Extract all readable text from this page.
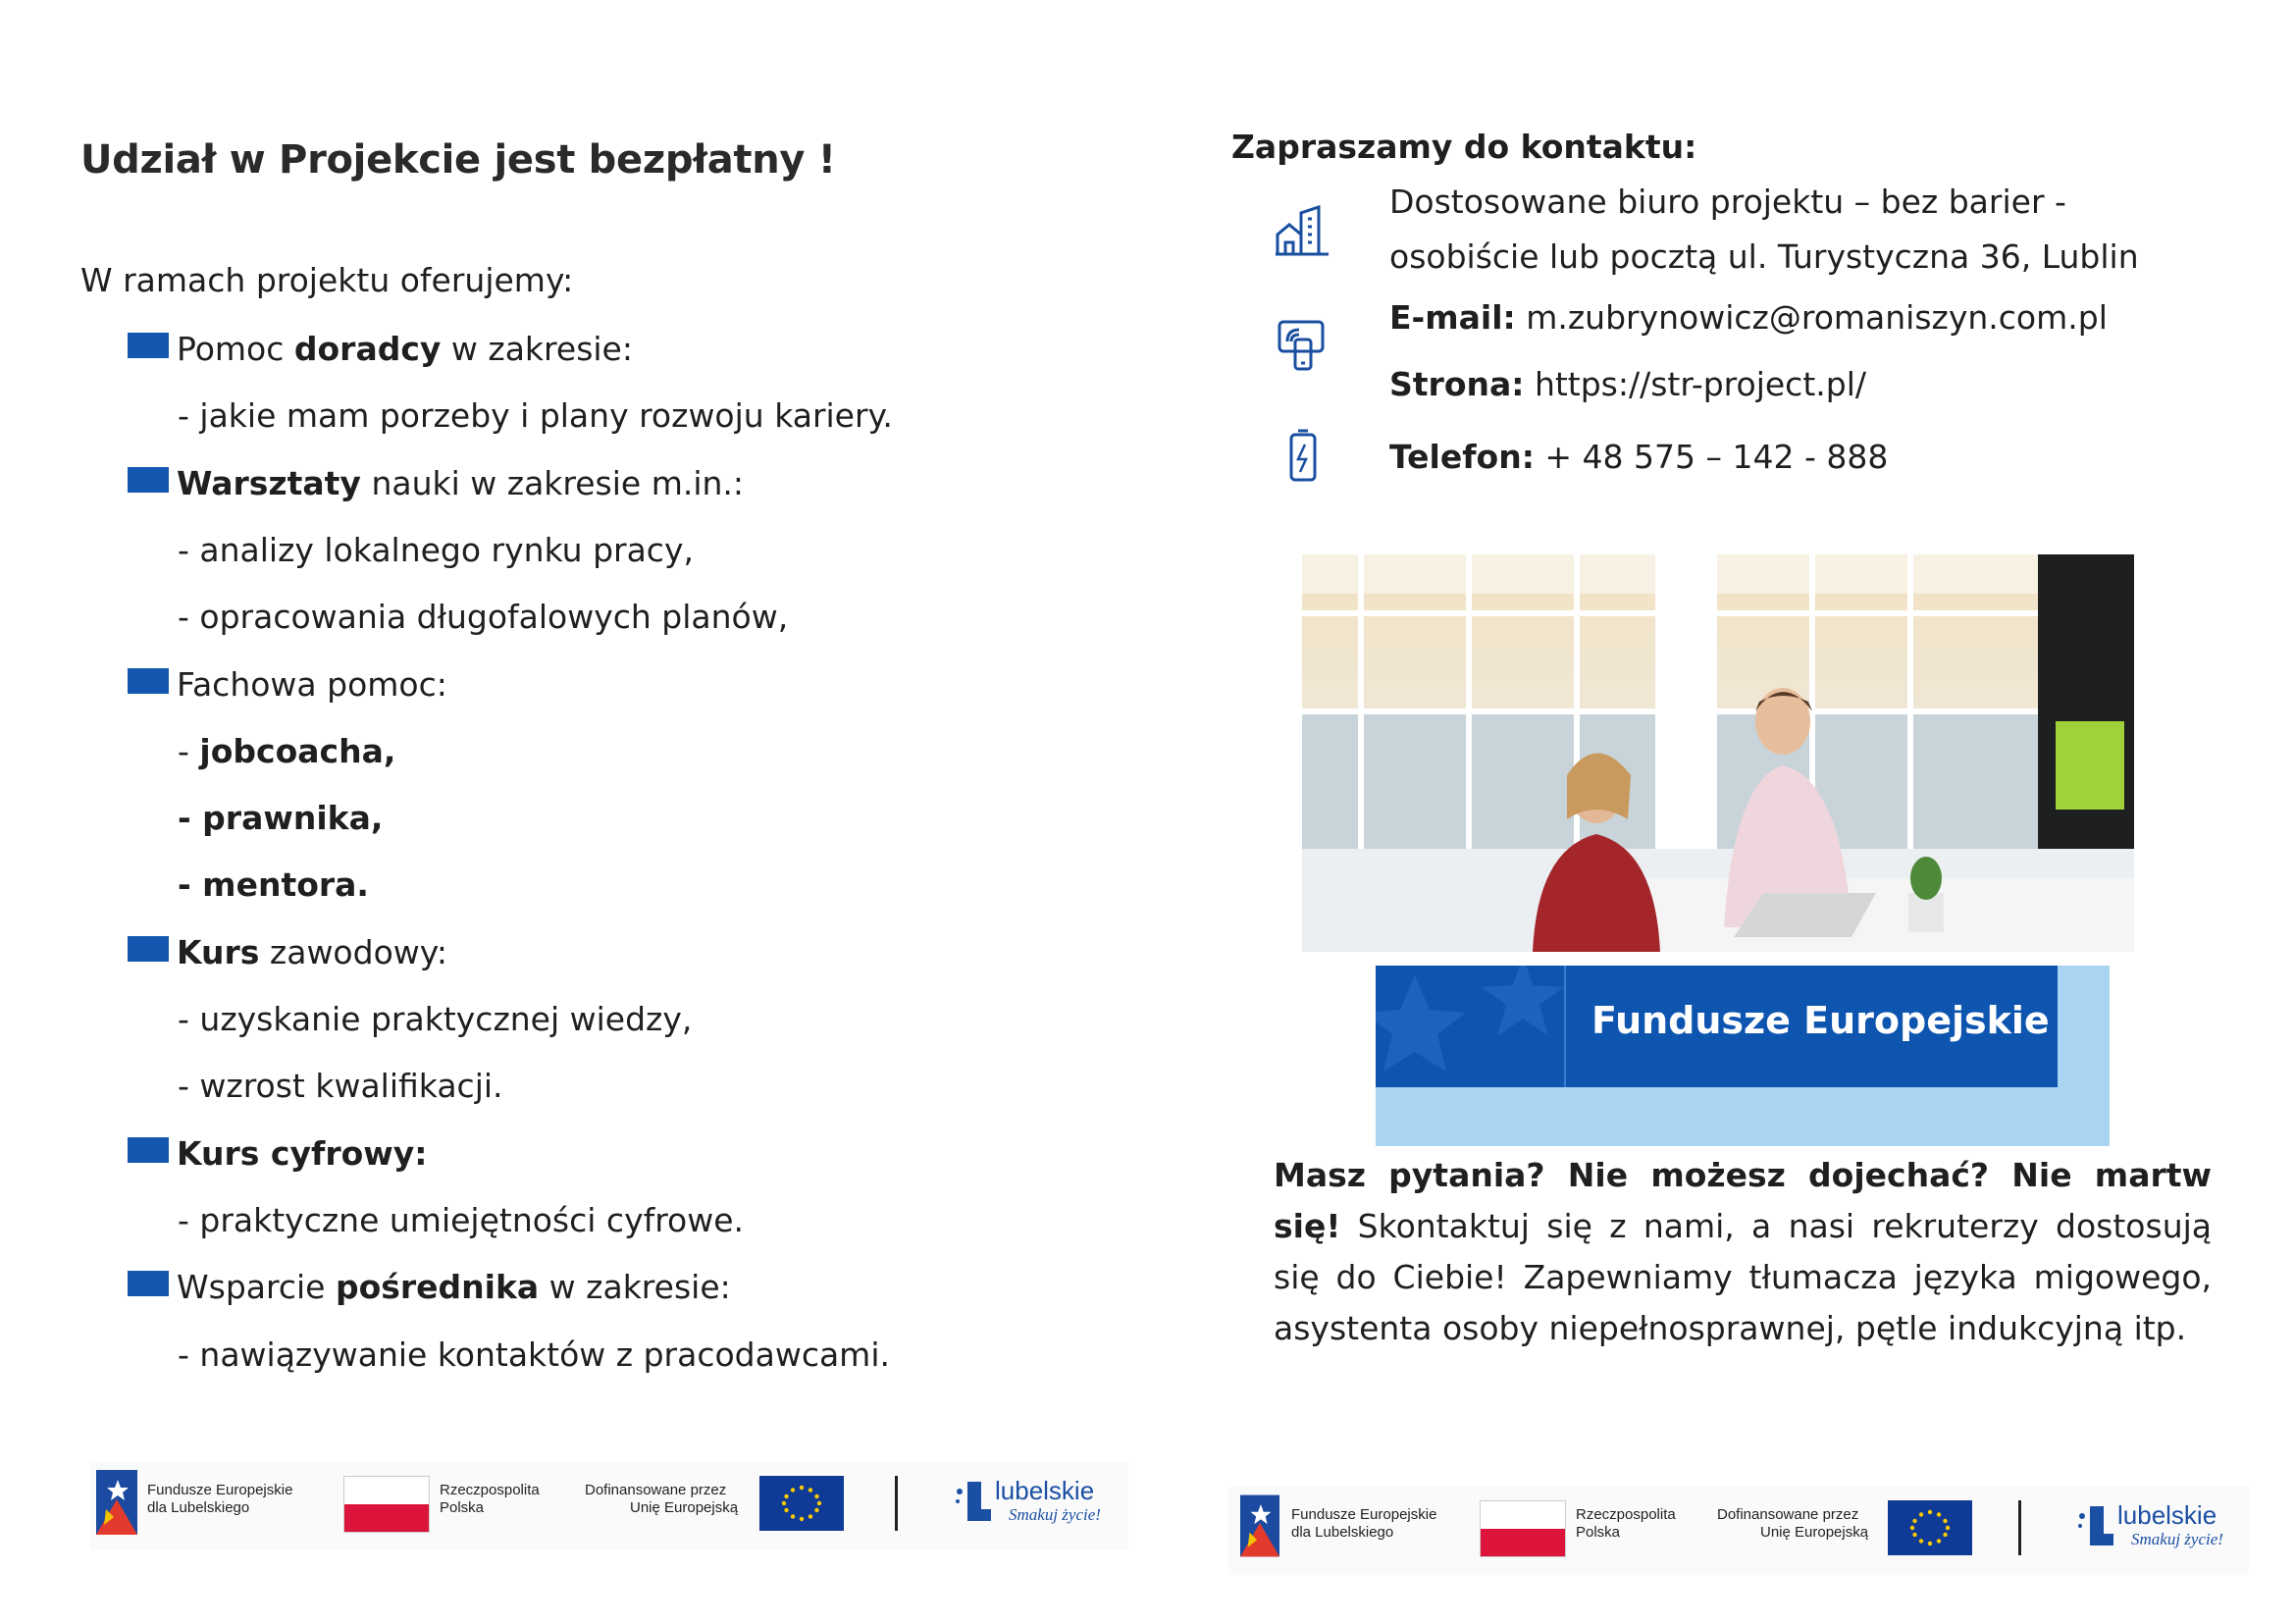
Udział w Projekcie jest bezpłatny !
W ramach projektu oferujemy:
Pomoc doradcy w zakresie:
- jakie mam porzeby i plany rozwoju kariery.
Warsztaty nauki w zakresie m.in.:
- analizy lokalnego rynku pracy,
- opracowania długofalowych planów,
Fachowa pomoc:
- jobcoacha,
- prawnika,
- mentora.
Kurs zawodowy:
- uzyskanie praktycznej wiedzy,
- wzrost kwalifikacji.
Kurs cyfrowy:
- praktyczne umiejętności cyfrowe.
Wsparcie pośrednika w zakresie:
- nawiązywanie kontaktów z pracodawcami.
Zapraszamy do kontaktu:
Dostosowane biuro projektu – bez barier -
osobiście lub pocztą ul. Turystyczna 36, Lublin
E-mail: m.zubrynowicz@romaniszyn.com.pl
Strona: https://str-project.pl/
Telefon: + 48 575 – 142 - 888
Fundusze Europejskie
Masz pytania? Nie możesz dojechać? Nie martw się! Skontaktuj się z nami, a nasi rekruterzy dostosują się do Ciebie! Zapewniamy tłumacza języka migowego, asystenta osoby niepełnosprawnej, pętle indukcyjną itp.
Fundusze Europejskie
dla Lubelskiego
Rzeczpospolita
Polska
Dofinansowane przez
Unię Europejską
lubelskie
Smakuj życie!	Fundusze Europejskie
dla Lubelskiego
Rzeczpospolita
Polska
Dofinansowane przez
Unię Europejską
lubelskie
Smakuj życie!
